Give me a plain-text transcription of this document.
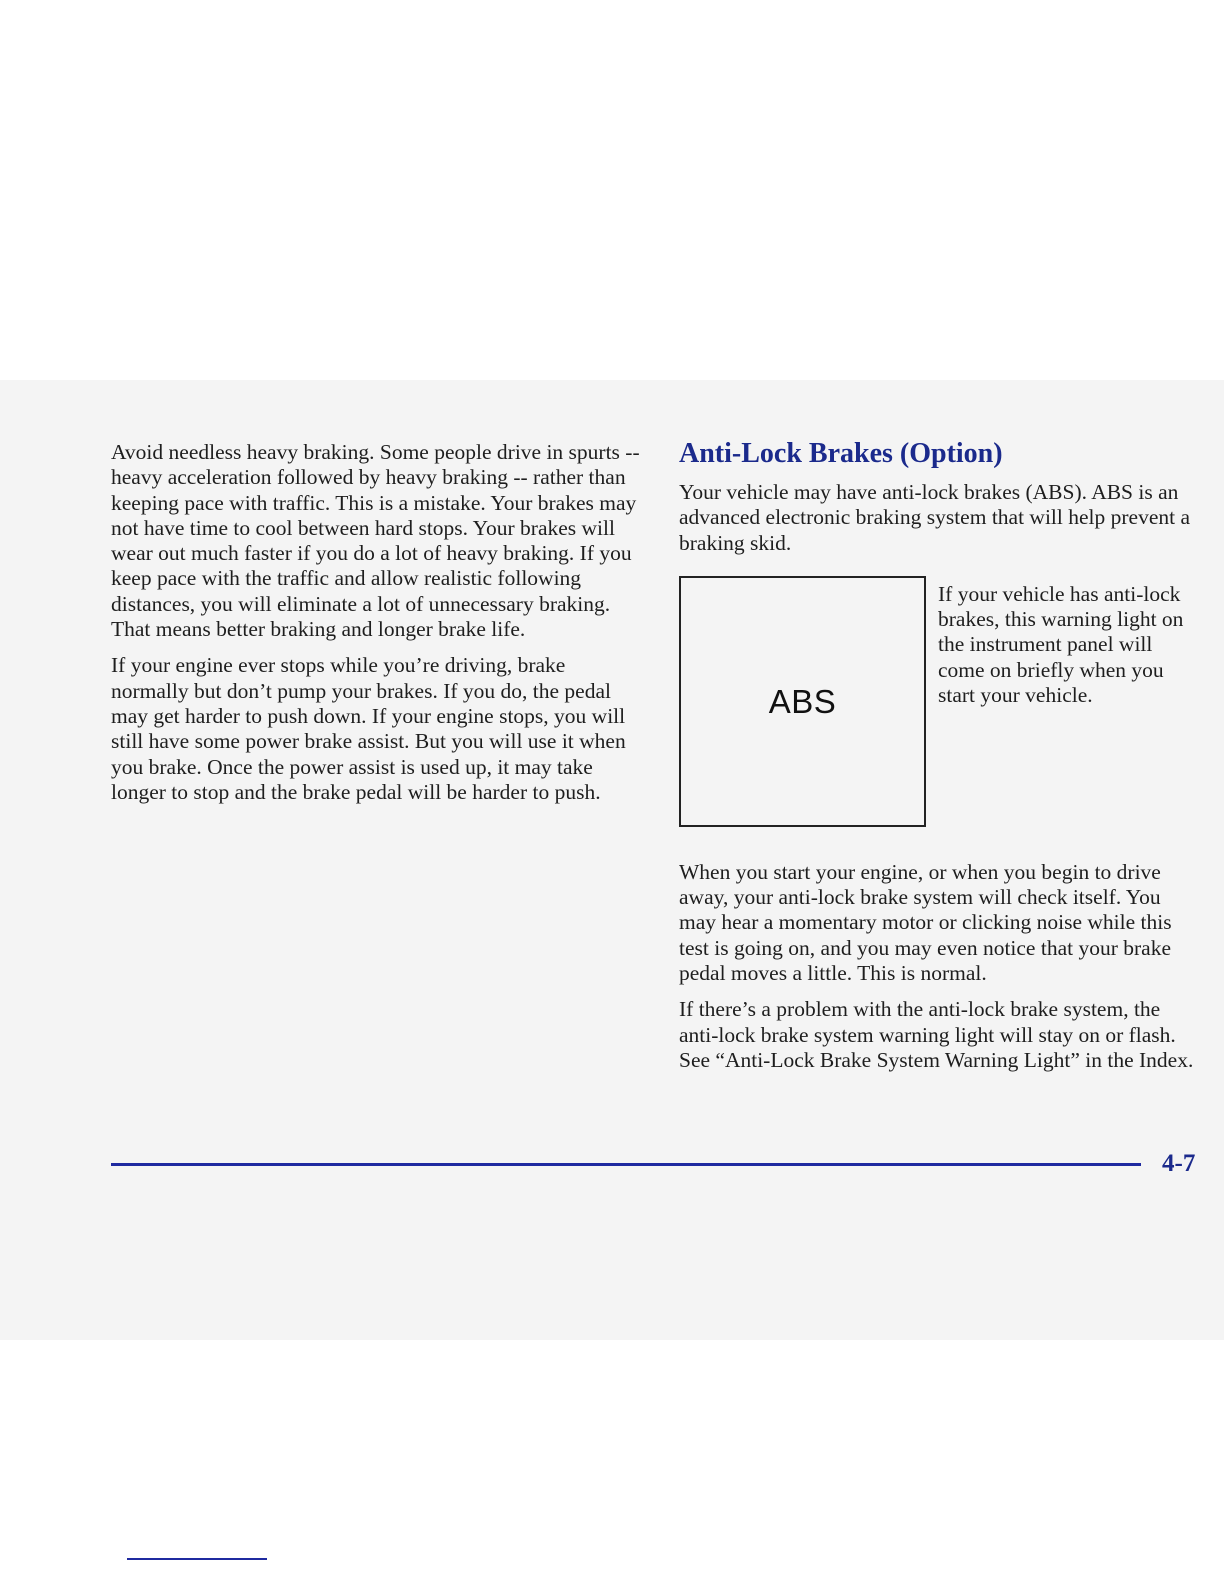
Avoid needless heavy braking. Some people drive in spurts -- heavy acceleration followed by heavy braking -- rather than keeping pace with traffic. This is a mistake. Your brakes may not have time to cool between hard stops. Your brakes will wear out much faster if you do a lot of heavy braking. If you keep pace with the traffic and allow realistic following distances, you will eliminate a lot of unnecessary braking. That means better braking and longer brake life.

If your engine ever stops while you’re driving, brake normally but don’t pump your brakes. If you do, the pedal may get harder to push down. If your engine stops, you will still have some power brake assist. But you will use it when you brake. Once the power assist is used up, it may take longer to stop and the brake pedal will be harder to push.

Anti-Lock Brakes (Option)

Your vehicle may have anti-lock brakes (ABS). ABS is an advanced electronic braking system that will help prevent a braking skid.

ABS
If your vehicle has anti-lock brakes, this warning light on the instrument panel will come on briefly when you start your vehicle.

When you start your engine, or when you begin to drive away, your anti-lock brake system will check itself. You may hear a momentary motor or clicking noise while this test is going on, and you may even notice that your brake pedal moves a little. This is normal.

If there’s a problem with the anti-lock brake system, the anti-lock brake system warning light will stay on or flash. See “Anti-Lock Brake System Warning Light” in the Index.

4-7
